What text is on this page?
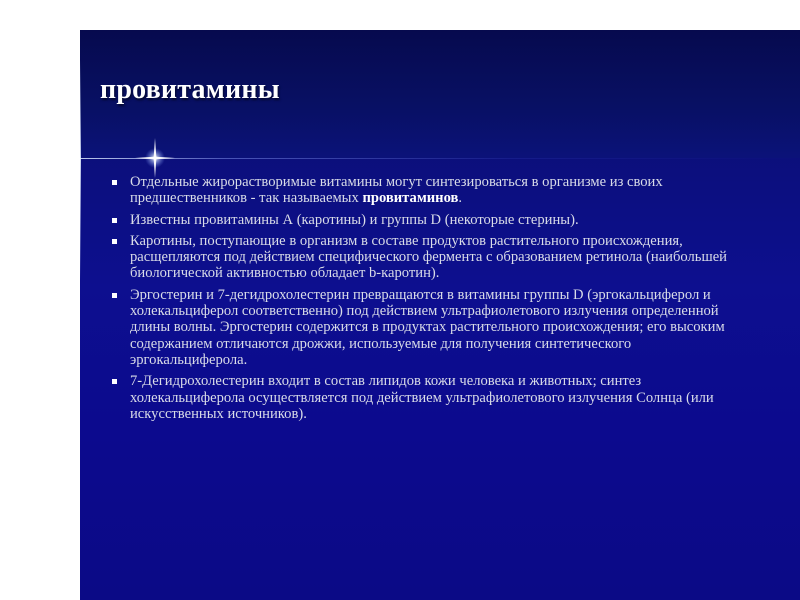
провитамины
Отдельные жирорастворимые витамины могут синтезироваться в организме из своих предшественников - так называемых провитаминов.
Известны провитамины А (каротины) и группы D (некоторые стерины).
Каротины, поступающие в организм в составе продуктов растительного происхождения, расщепляются под действием специфического фермента с образованием ретинола (наибольшей биологической активностью обладает b-каротин).
Эргостерин и 7-дегидрохолестерин превращаются в витамины группы D (эргокальциферол и холекальциферол соответственно) под действием ультрафиолетового излучения определенной длины волны. Эргостерин содержится в продуктах растительного происхождения; его высоким содержанием отличаются дрожжи, используемые для получения синтетического эргокальциферола.
7-Дегидрохолестерин входит в состав липидов кожи человека и животных; синтез холекальциферола осуществляется под действием ультрафиолетового излучения Солнца (или искусственных источников).
